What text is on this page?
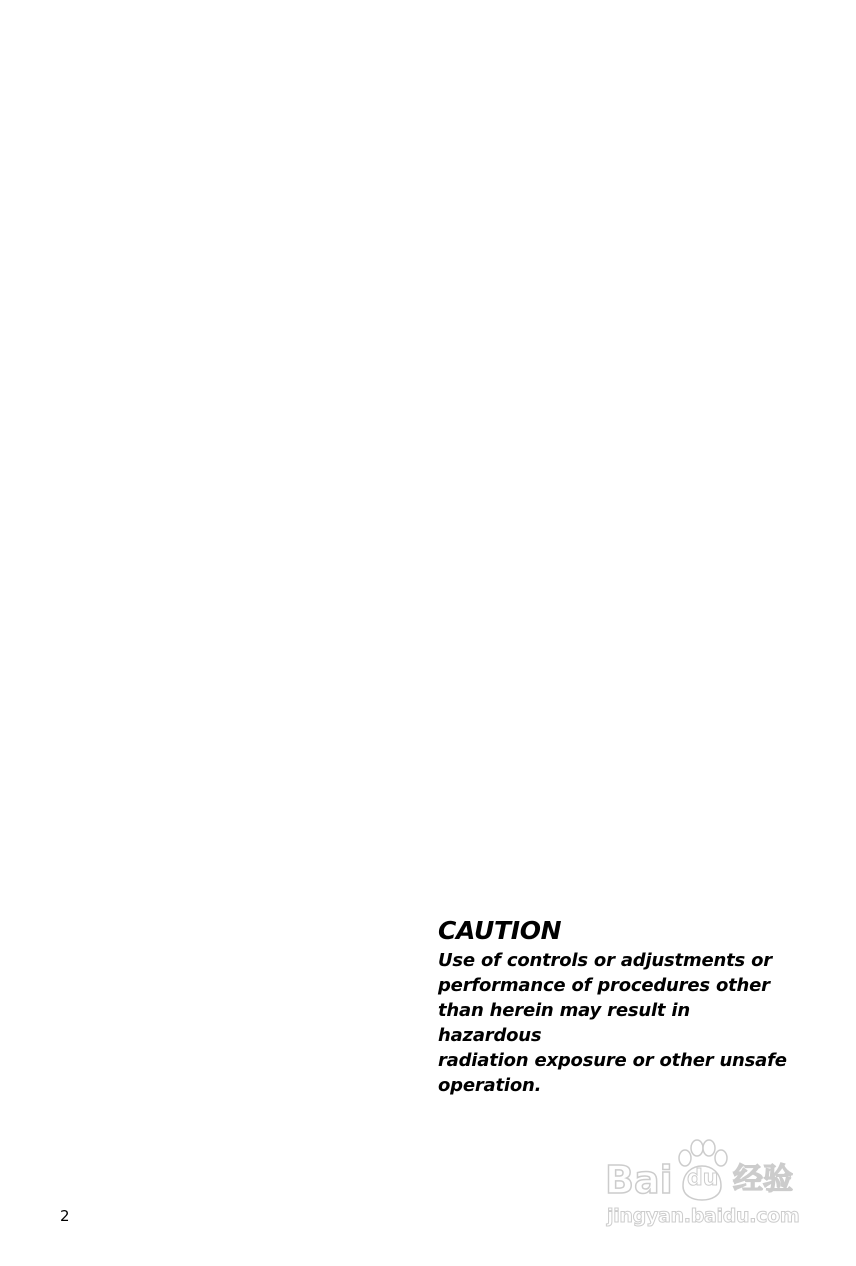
CAUTION
Use of controls or adjustments or
performance of procedures other
than herein may result in hazardous
radiation exposure or other unsafe
operation.
2
Bai du 经验
jingyan.baidu.com
